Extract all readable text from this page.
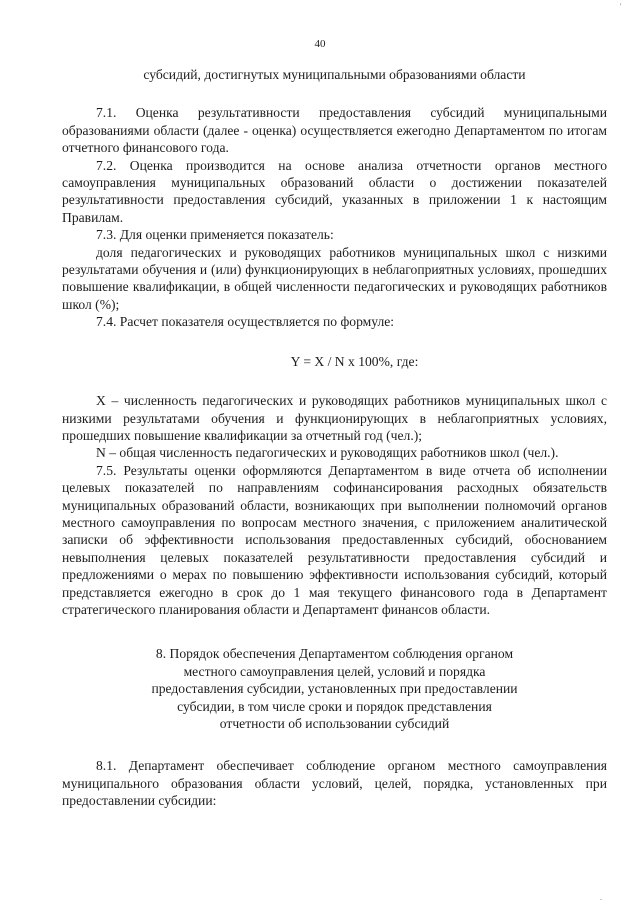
40

субсидий, достигнутых муниципальными образованиями области

7.1. Оценка результативности предоставления субсидий муниципальными образованиями области (далее - оценка) осуществляется ежегодно Департаментом по итогам отчетного финансового года.

7.2. Оценка производится на основе анализа отчетности органов местного самоуправления муниципальных образований области о достижении показателей результативности предоставления субсидий, указанных в приложении 1 к настоящим Правилам.

7.3. Для оценки применяется показатель:

доля педагогических и руководящих работников муниципальных школ с низкими результатами обучения и (или) функционирующих в неблагоприятных условиях, прошедших повышение квалификации, в общей численности педагогических и руководящих работников школ (%);

7.4. Расчет показателя осуществляется по формуле:

Y = X / N x 100%, где:

X – численность педагогических и руководящих работников муниципальных школ с низкими результатами обучения и функционирующих в неблагоприятных условиях, прошедших повышение квалификации за отчетный год (чел.);

N – общая численность педагогических и руководящих работников школ (чел.).

7.5. Результаты оценки оформляются Департаментом в виде отчета об исполнении целевых показателей по направлениям софинансирования расходных обязательств муниципальных образований области, возникающих при выполнении полномочий органов местного самоуправления по вопросам местного значения, с приложением аналитической записки об эффективности использования предоставленных субсидий, обоснованием невыполнения целевых показателей результативности предоставления субсидий и предложениями о мерах по повышению эффективности использования субсидий, который представляется ежегодно в срок до 1 мая текущего финансового года в Департамент стратегического планирования области и Департамент финансов области.

8. Порядок обеспечения Департаментом соблюдения органом
местного самоуправления целей, условий и порядка
предоставления субсидии, установленных при предоставлении
субсидии, в том числе сроки и порядок представления
отчетности об использовании субсидий

8.1. Департамент обеспечивает соблюдение органом местного самоуправления муниципального образования области условий, целей, порядка, установленных при предоставлении субсидии:

'
.
